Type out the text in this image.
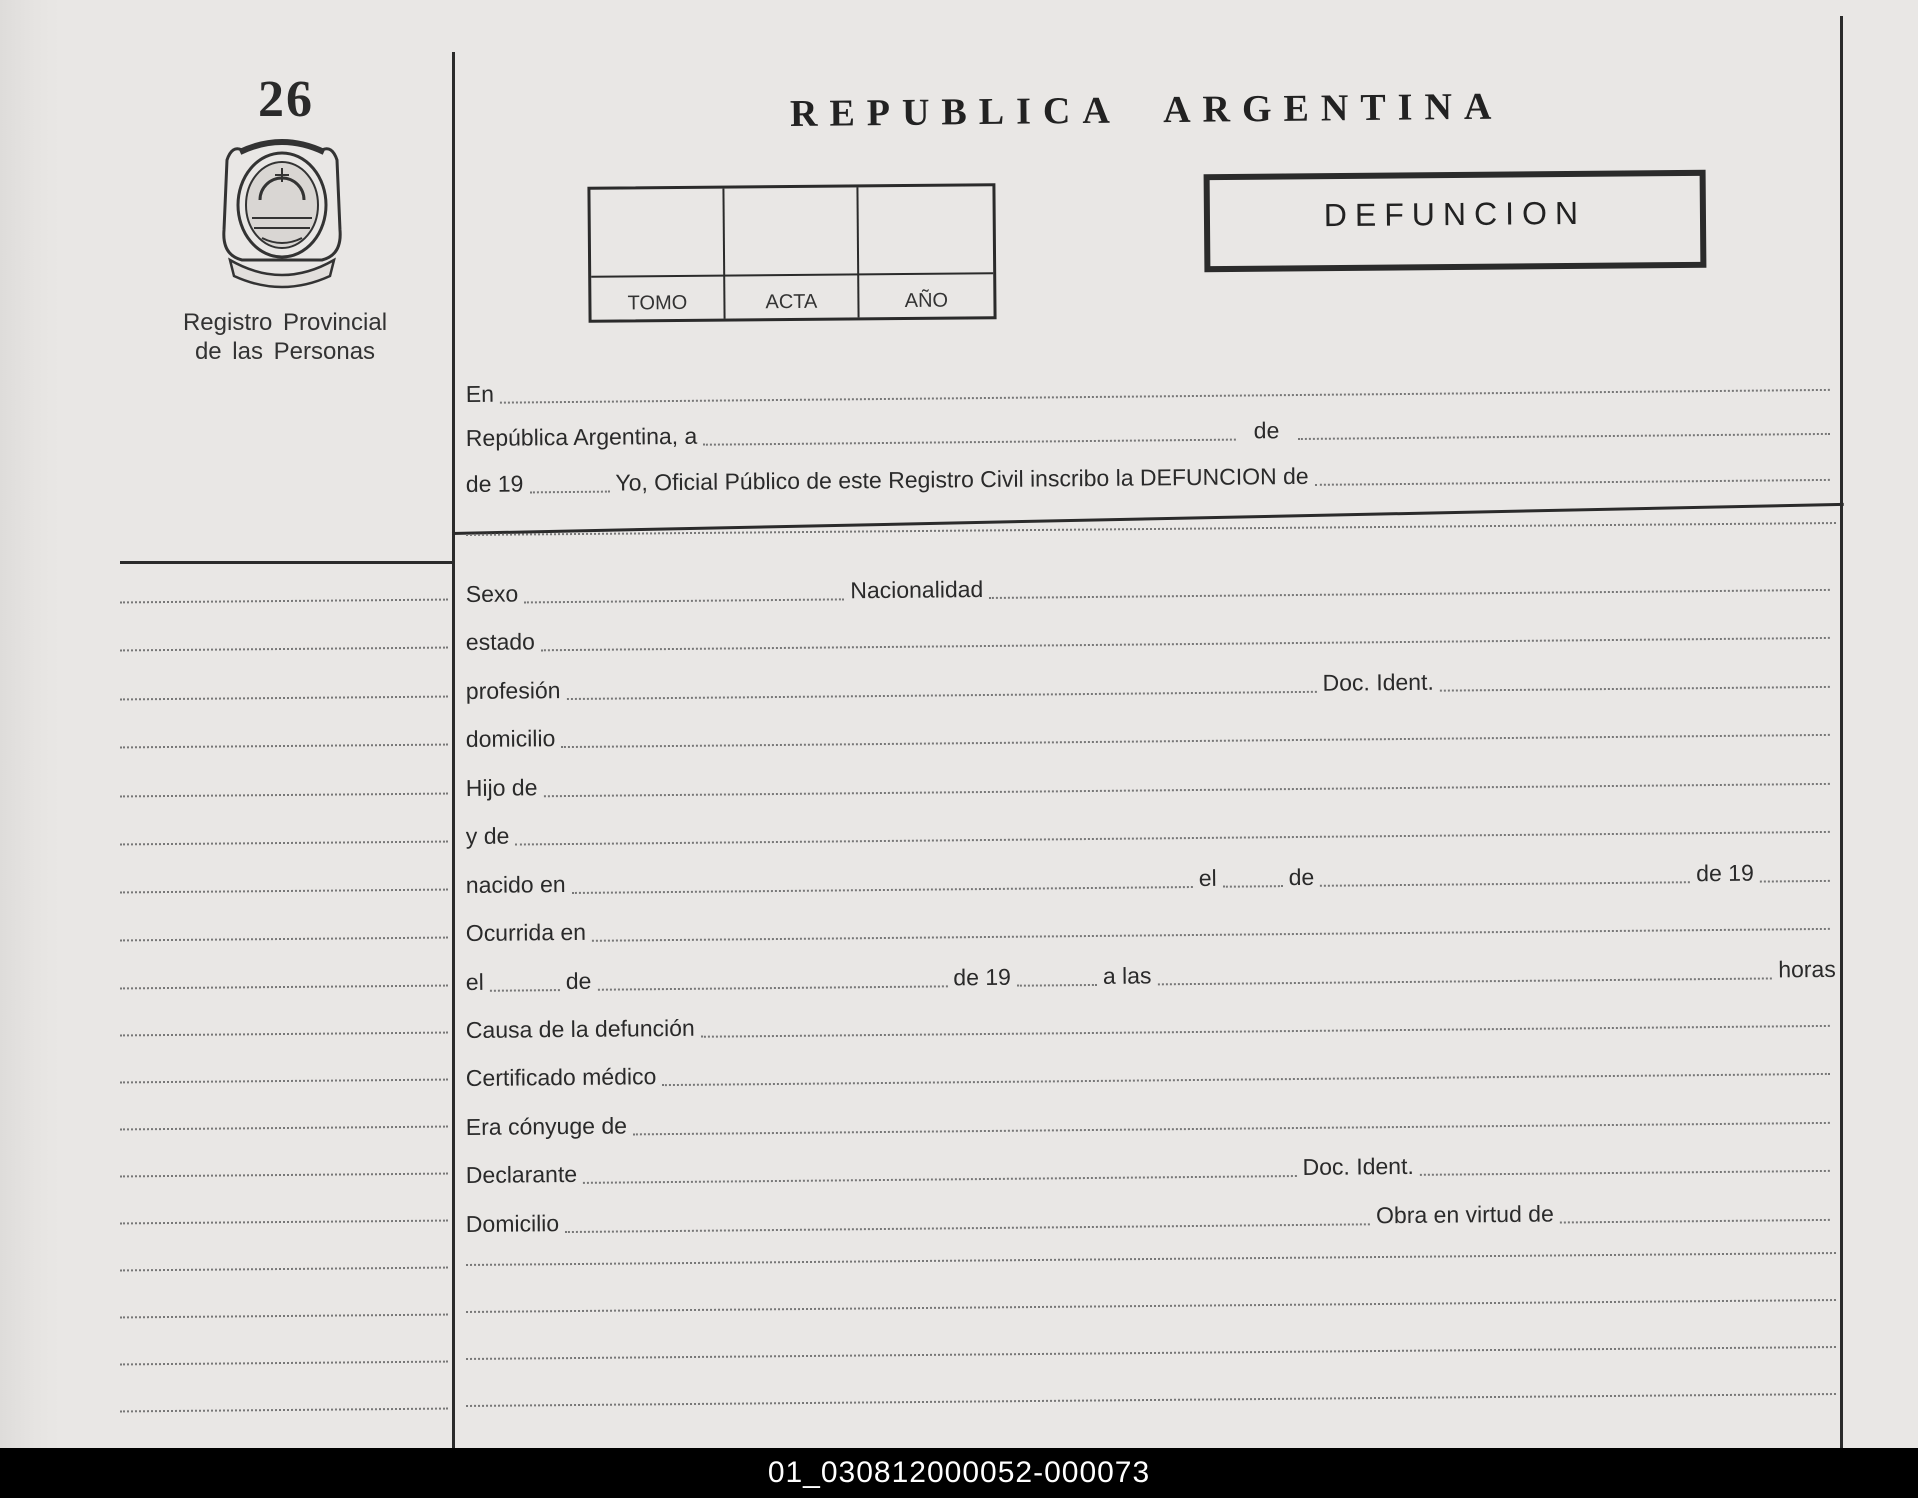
26
Registro Provincial
de las Personas
REPUBLICA ARGENTINA
TOMO	ACTA	AÑO
DEFUNCION
En
República Argentina, a	de
de 19	Yo, Oficial Público de este Registro Civil inscribo la DEFUNCION de
Sexo	Nacionalidad
estado
profesión	Doc. Ident.
domicilio
Hijo de
y de
nacido en	el	de	de 19
Ocurrida en
el	de	de 19	a las	horas
Causa de la defunción
Certificado médico
Era cónyuge de
Declarante	Doc. Ident.
Domicilio	Obra en virtud de
01_030812000052-000073
